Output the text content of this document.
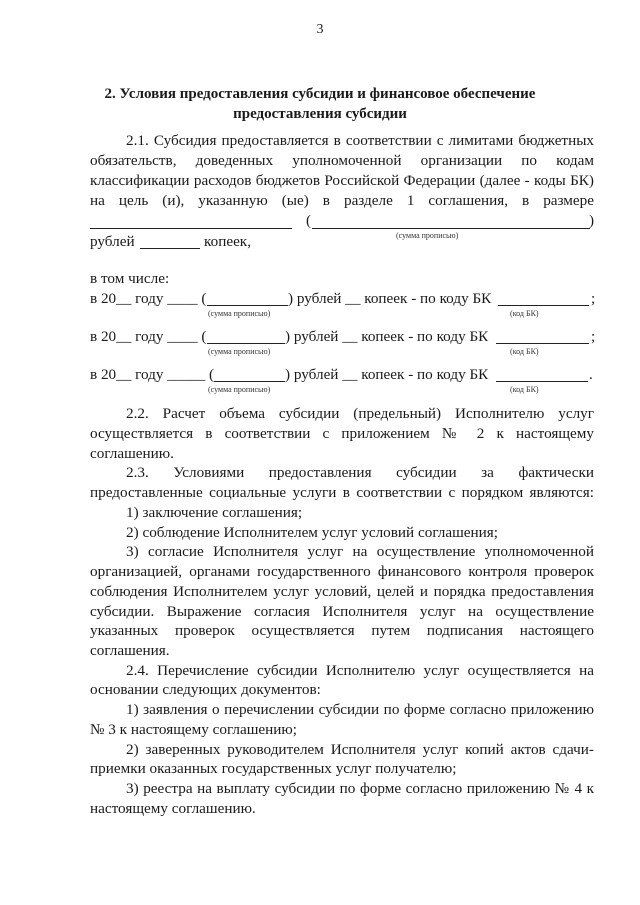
3
2. Условия предоставления субсидии и финансовое обеспечение
предоставления субсидии
2.1. Субсидия предоставляется в соответствии с лимитами бюджетных
обязательств, доведенных уполномоченной организации по кодам
классификации расходов бюджетов Российской Федерации (далее - коды БК)
на цель (и), указанную (ые) в разделе 1 соглашения, в размере
(	)
(сумма прописью)
рублей	копеек,
в том числе:
в 20__ году ____ (	) рублей __ копеек - по коду БК	;
(сумма прописью)	(код БК)
в 20__ году ____ (	) рублей __ копеек - по коду БК	;
(сумма прописью)	(код БК)
в 20__ году _____ (	) рублей __ копеек - по коду БК	.
(сумма прописью)	(код БК)
2.2. Расчет объема субсидии (предельный) Исполнителю услуг
осуществляется в соответствии с приложением № 2 к настоящему
соглашению.
2.3. Условиями предоставления субсидии за фактически
предоставленные социальные услуги в соответствии с порядком являются:
1) заключение соглашения;
2) соблюдение Исполнителем услуг условий соглашения;
3) согласие Исполнителя услуг на осуществление уполномоченной
организацией, органами государственного финансового контроля проверок
соблюдения Исполнителем услуг условий, целей и порядка предоставления
субсидии. Выражение согласия Исполнителя услуг на осуществление
указанных проверок осуществляется путем подписания настоящего
соглашения.
2.4. Перечисление субсидии Исполнителю услуг осуществляется на
основании следующих документов:
1) заявления о перечислении субсидии по форме согласно приложению
№ 3 к настоящему соглашению;
2) заверенных руководителем Исполнителя услуг копий актов сдачи-
приемки оказанных государственных услуг получателю;
3) реестра на выплату субсидии по форме согласно приложению № 4 к
настоящему соглашению.
